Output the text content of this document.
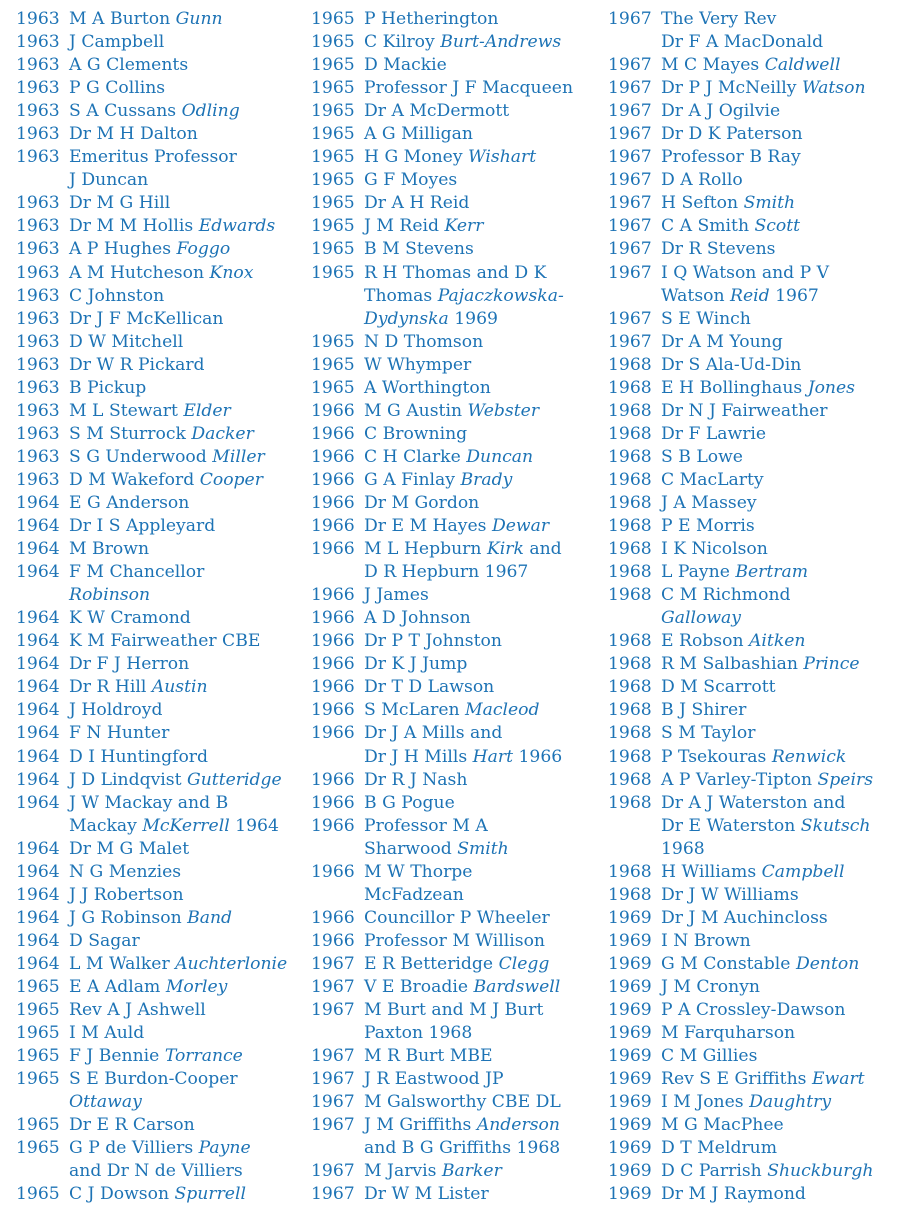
1963 M A Burton Gunn
1963 J Campbell
1963 A G Clements
1963 P G Collins
1963 S A Cussans Odling
1963 Dr M H Dalton
1963 Emeritus Professor
J Duncan
1963 Dr M G Hill
1963 Dr M M Hollis Edwards
1963 A P Hughes Foggo
1963 A M Hutcheson Knox
1963 C Johnston
1963 Dr J F McKellican
1963 D W Mitchell
1963 Dr W R Pickard
1963 B Pickup
1963 M L Stewart Elder
1963 S M Sturrock Dacker
1963 S G Underwood Miller
1963 D M Wakeford Cooper
1964 E G Anderson
1964 Dr I S Appleyard
1964 M Brown
1964 F M Chancellor
Robinson
1964 K W Cramond
1964 K M Fairweather CBE
1964 Dr F J Herron
1964 Dr R Hill Austin
1964 J Holdroyd
1964 F N Hunter
1964 D I Huntingford
1964 J D Lindqvist Gutteridge
1964 J W Mackay and B
Mackay McKerrell 1964
1964 Dr M G Malet
1964 N G Menzies
1964 J J Robertson
1964 J G Robinson Band
1964 D Sagar
1964 L M Walker Auchterlonie
1965 E A Adlam Morley
1965 Rev A J Ashwell
1965 I M Auld
1965 F J Bennie Torrance
1965 S E Burdon-Cooper
Ottaway
1965 Dr E R Carson
1965 G P de Villiers Payne
and Dr N de Villiers
1965 C J Dowson Spurrell
1965 P Hetherington
1965 C Kilroy Burt-Andrews
1965 D Mackie
1965 Professor J F Macqueen
1965 Dr A McDermott
1965 A G Milligan
1965 H G Money Wishart
1965 G F Moyes
1965 Dr A H Reid
1965 J M Reid Kerr
1965 B M Stevens
1965 R H Thomas and D K
Thomas Pajaczkowska-
Dydynska 1969
1965 N D Thomson
1965 W Whymper
1965 A Worthington
1966 M G Austin Webster
1966 C Browning
1966 C H Clarke Duncan
1966 G A Finlay Brady
1966 Dr M Gordon
1966 Dr E M Hayes Dewar
1966 M L Hepburn Kirk and
D R Hepburn 1967
1966 J James
1966 A D Johnson
1966 Dr P T Johnston
1966 Dr K J Jump
1966 Dr T D Lawson
1966 S McLaren Macleod
1966 Dr J A Mills and
Dr J H Mills Hart 1966
1966 Dr R J Nash
1966 B G Pogue
1966 Professor M A
Sharwood Smith
1966 M W Thorpe
McFadzean
1966 Councillor P Wheeler
1966 Professor M Willison
1967 E R Betteridge Clegg
1967 V E Broadie Bardswell
1967 M Burt and M J Burt
Paxton 1968
1967 M R Burt MBE
1967 J R Eastwood JP
1967 M Galsworthy CBE DL
1967 J M Griffiths Anderson
and B G Griffiths 1968
1967 M Jarvis Barker
1967 Dr W M Lister
1967 The Very Rev
Dr F A MacDonald
1967 M C Mayes Caldwell
1967 Dr P J McNeilly Watson
1967 Dr A J Ogilvie
1967 Dr D K Paterson
1967 Professor B Ray
1967 D A Rollo
1967 H Sefton Smith
1967 C A Smith Scott
1967 Dr R Stevens
1967 I Q Watson and P V
Watson Reid 1967
1967 S E Winch
1967 Dr A M Young
1968 Dr S Ala-Ud-Din
1968 E H Bollinghaus Jones
1968 Dr N J Fairweather
1968 Dr F Lawrie
1968 S B Lowe
1968 C MacLarty
1968 J A Massey
1968 P E Morris
1968 I K Nicolson
1968 L Payne Bertram
1968 C M Richmond
Galloway
1968 E Robson Aitken
1968 R M Salbashian Prince
1968 D M Scarrott
1968 B J Shirer
1968 S M Taylor
1968 P Tsekouras Renwick
1968 A P Varley-Tipton Speirs
1968 Dr A J Waterston and
Dr E Waterston Skutsch
1968
1968 H Williams Campbell
1968 Dr J W Williams
1969 Dr J M Auchincloss
1969 I N Brown
1969 G M Constable Denton
1969 J M Cronyn
1969 P A Crossley-Dawson
1969 M Farquharson
1969 C M Gillies
1969 Rev S E Griffiths Ewart
1969 I M Jones Daughtry
1969 M G MacPhee
1969 D T Meldrum
1969 D C Parrish Shuckburgh
1969 Dr M J Raymond
